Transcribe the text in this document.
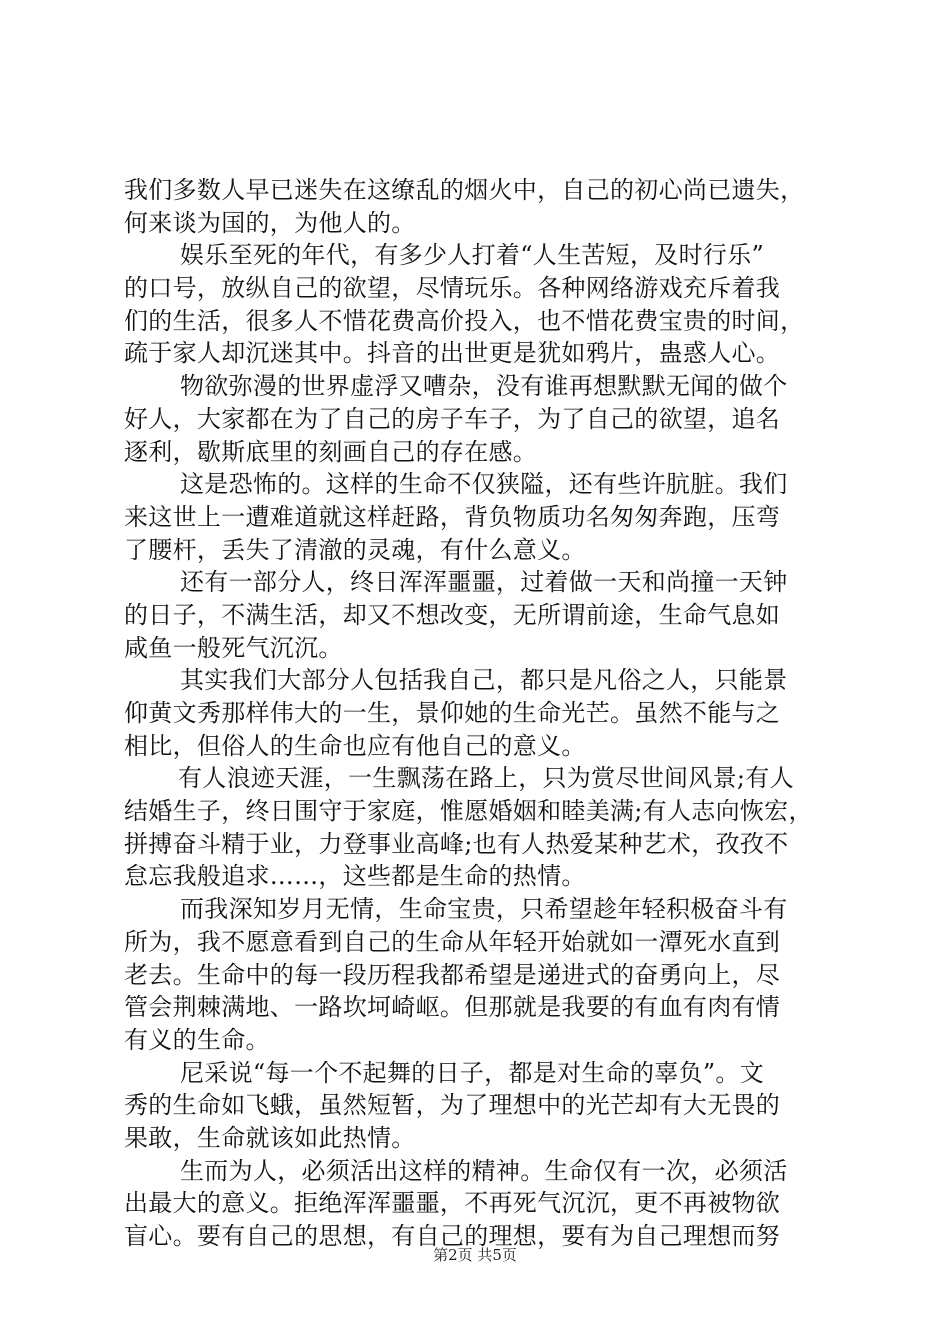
我们多数人早已迷失在这缭乱的烟火中，自己的初心尚已遗失，
何来谈为国的，为他人的。
娱乐至死的年代，有多少人打着“人生苦短，及时行乐”
的口号，放纵自己的欲望，尽情玩乐。各种网络游戏充斥着我
们的生活，很多人不惜花费高价投入，也不惜花费宝贵的时间，
疏于家人却沉迷其中。抖音的出世更是犹如鸦片，蛊惑人心。
物欲弥漫的世界虚浮又嘈杂，没有谁再想默默无闻的做个
好人，大家都在为了自己的房子车子，为了自己的欲望，追名
逐利，歇斯底里的刻画自己的存在感。
这是恐怖的。这样的生命不仅狭隘，还有些许肮脏。我们
来这世上一遭难道就这样赶路，背负物质功名匆匆奔跑，压弯
了腰杆，丢失了清澈的灵魂，有什么意义。
还有一部分人，终日浑浑噩噩，过着做一天和尚撞一天钟
的日子，不满生活，却又不想改变，无所谓前途，生命气息如
咸鱼一般死气沉沉。
其实我们大部分人包括我自己，都只是凡俗之人，只能景
仰黄文秀那样伟大的一生，景仰她的生命光芒。虽然不能与之
相比，但俗人的生命也应有他自己的意义。
有人浪迹天涯，一生飘荡在路上，只为赏尽世间风景;有人
结婚生子，终日围守于家庭，惟愿婚姻和睦美满;有人志向恢宏，
拼搏奋斗精于业，力登事业高峰;也有人热爱某种艺术，孜孜不
怠忘我般追求……，这些都是生命的热情。
而我深知岁月无情，生命宝贵，只希望趁年轻积极奋斗有
所为，我不愿意看到自己的生命从年轻开始就如一潭死水直到
老去。生命中的每一段历程我都希望是递进式的奋勇向上，尽
管会荆棘满地、一路坎坷崎岖。但那就是我要的有血有肉有情
有义的生命。
尼采说“每一个不起舞的日子，都是对生命的辜负”。文
秀的生命如飞蛾，虽然短暂，为了理想中的光芒却有大无畏的
果敢，生命就该如此热情。
生而为人，必须活出这样的精神。生命仅有一次，必须活
出最大的意义。拒绝浑浑噩噩，不再死气沉沉，更不再被物欲
盲心。要有自己的思想，有自己的理想，要有为自己理想而努
第2页 共5页
